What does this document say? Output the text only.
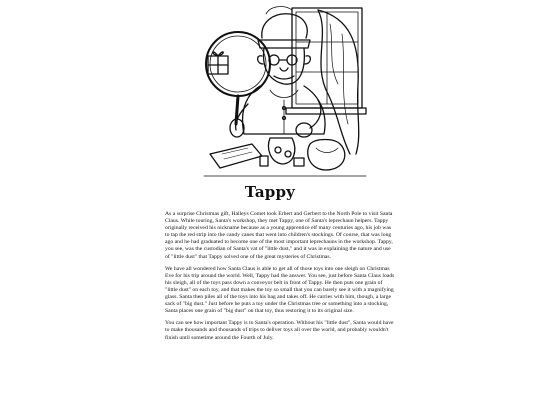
Tappy

As a surprise Christmas gift, Halleys Comet took Erbert and Gerbert to the North Pole to visit Santa Claus. While touring, Santa's workshop, they met Tappy, one of Santa's leprechaun helpers. Tappy originally received his nickname because as a young apprentice elf many centuries ago, his job was to tap the red strip into the candy canes that went into children's stockings. Of course, that was long ago and he had graduated to become one of the most important leprechauns in the workshop. Tappy, you see, was the custodian of Santa's vat of "little dust," and it was in explaining the nature and use of "little dust" that Tappy solved one of the great mysteries of Christmas.

We have all wondered how Santa Claus is able to get all of those toys into one sleigh on Christmas Eve for his trip around the world. Well, Tappy had the answer. You see, just before Santa Claus loads his sleigh, all of the toys pass down a conveyor belt in front of Tappy. He then puts one grain of "little dust" on each toy, and that makes the toy so small that you can barely see it with a magnifying glass. Santa then piles all of the toys into his bag and takes off. He carries with him, though, a large sack of "big dust." Just before he puts a toy under the Christmas tree or something into a stocking, Santa places one grain of "big dust" on that toy, thus restoring it to its original size.

You can see how important Tappy is to Santa's operation. Without his "little dust", Santa would have to make thousands and thousands of trips to deliver toys all over the world, and probably wouldn't finish until sometime around the Fourth of July.
